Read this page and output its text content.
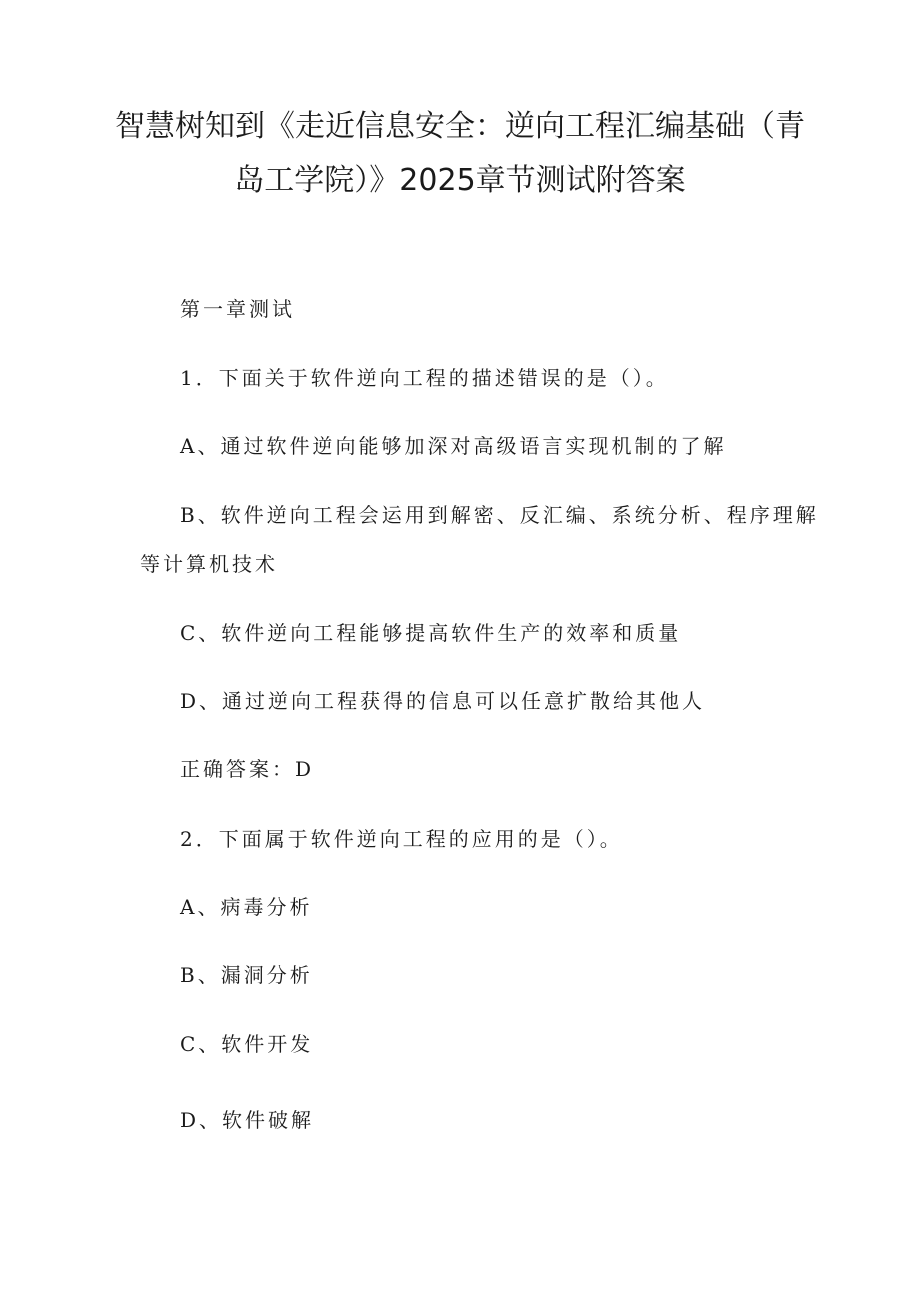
智慧树知到《走近信息安全：逆向工程汇编基础（青
岛工学院）》2025章节测试附答案

第一章测试

1．下面关于软件逆向工程的描述错误的是（）。

A、通过软件逆向能够加深对高级语言实现机制的了解

B、软件逆向工程会运用到解密、反汇编、系统分析、程序理解

等计算机技术

C、软件逆向工程能够提高软件生产的效率和质量

D、通过逆向工程获得的信息可以任意扩散给其他人

正确答案：D

2．下面属于软件逆向工程的应用的是（）。

A、病毒分析

B、漏洞分析

C、软件开发

D、软件破解
